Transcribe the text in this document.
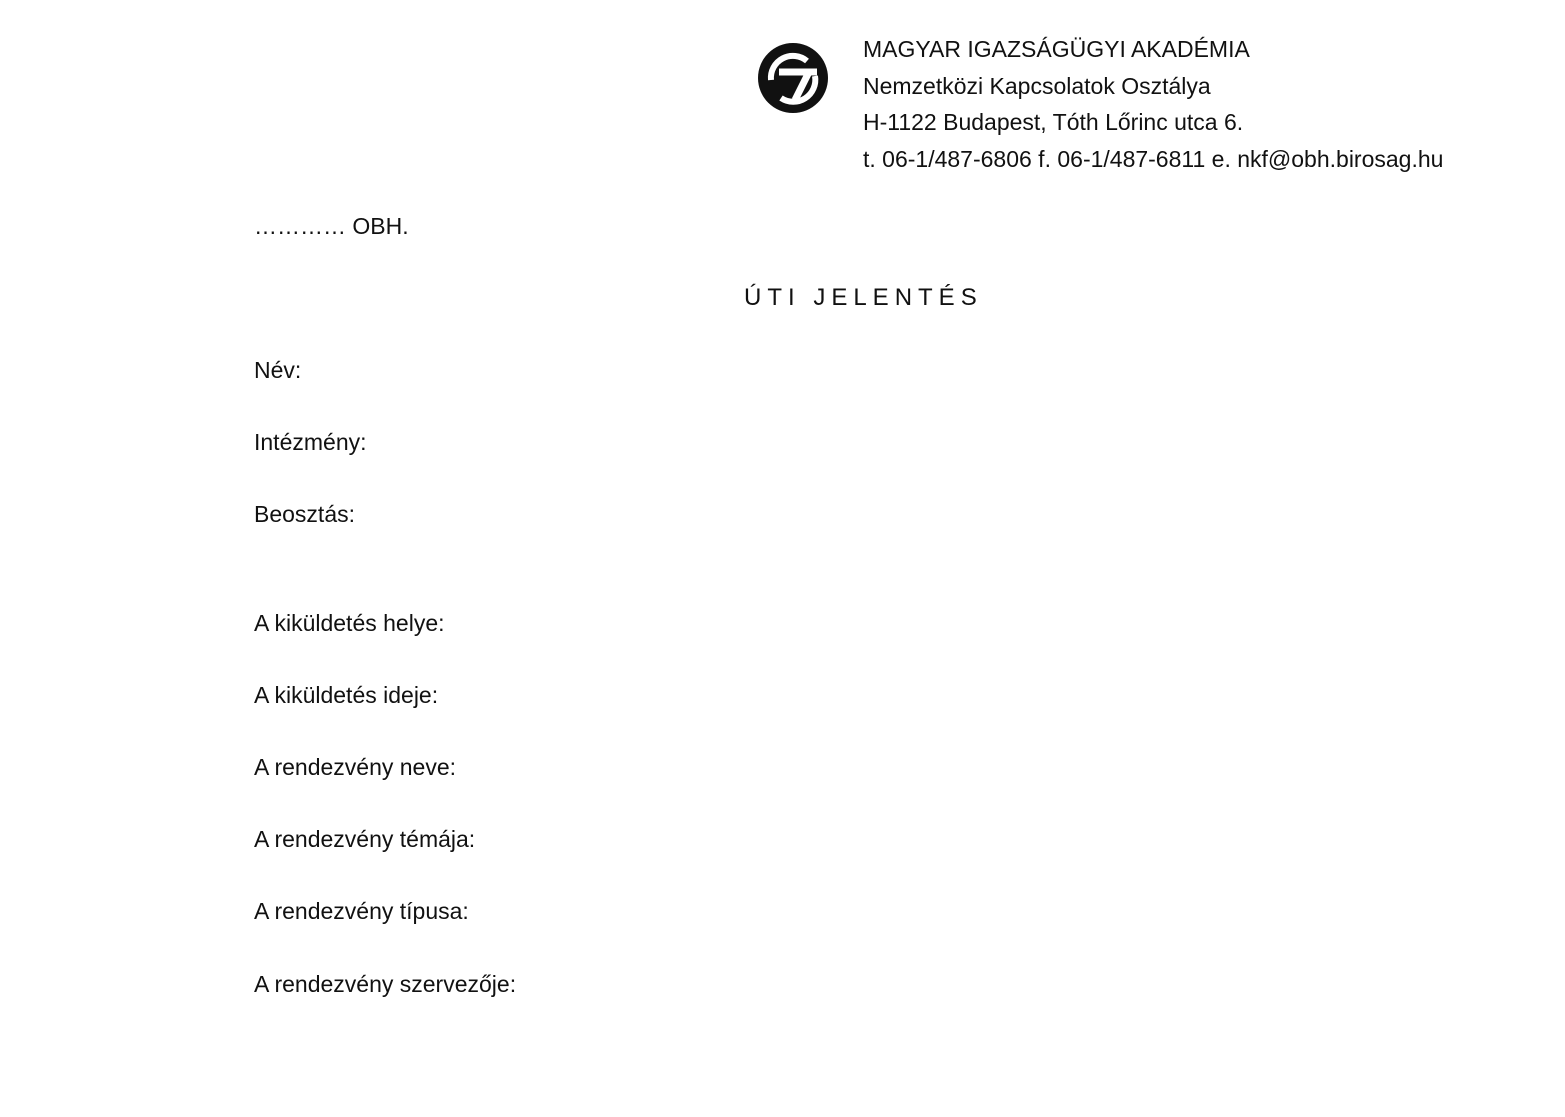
MAGYAR IGAZSÁGÜGYI AKADÉMIA
Nemzetközi Kapcsolatok Osztálya
H-1122 Budapest, Tóth Lőrinc utca 6.
t. 06-1/487-6806 f. 06-1/487-6811 e. nkf@obh.birosag.hu
………… OBH.
ÚTI JELENTÉS
Név:
Intézmény:
Beosztás:
A kiküldetés helye:
A kiküldetés ideje:
A rendezvény neve:
A rendezvény témája:
A rendezvény típusa:
A rendezvény szervezője:
